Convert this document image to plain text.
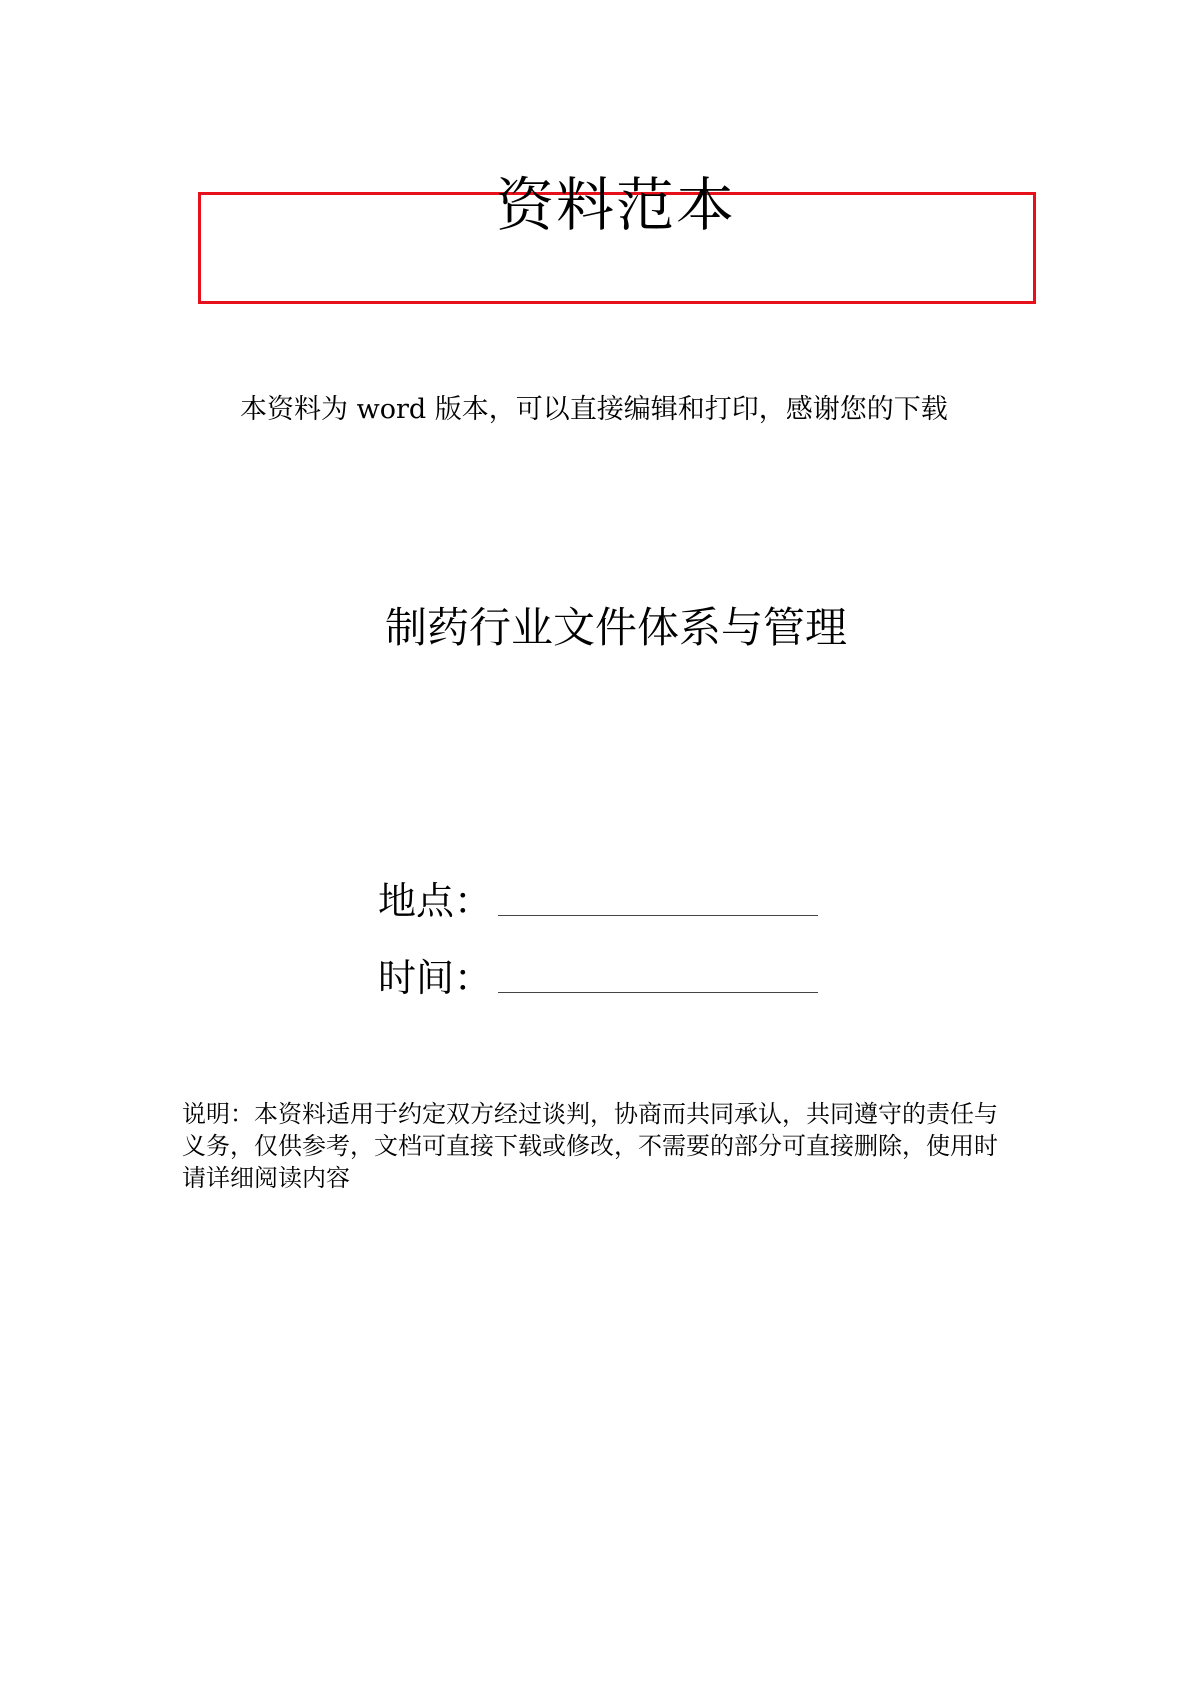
资料范本
本资料为 word 版本，可以直接编辑和打印，感谢您的下载
制药行业文件体系与管理
地点：
时间：
说明：本资料适用于约定双方经过谈判，协商而共同承认，共同遵守的责任与义务，仅供参考，文档可直接下载或修改，不需要的部分可直接删除，使用时请详细阅读内容
